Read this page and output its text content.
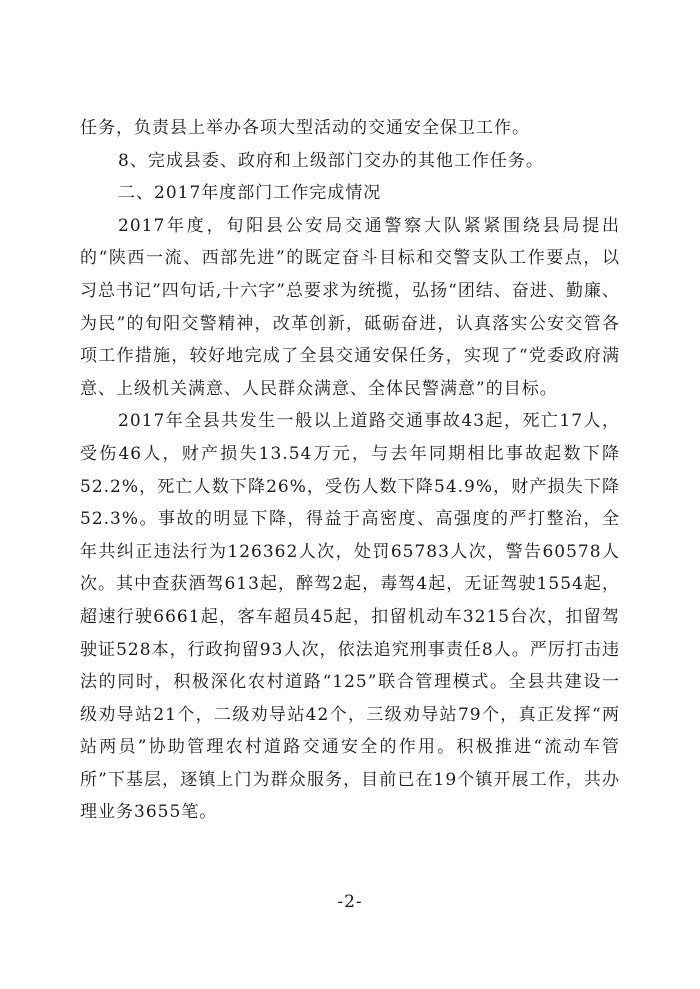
任务，负责县上举办各项大型活动的交通安全保卫工作。

8、完成县委、政府和上级部门交办的其他工作任务。

二、2017年度部门工作完成情况

2017年度，旬阳县公安局交通警察大队紧紧围绕县局提出的“陕西一流、西部先进”的既定奋斗目标和交警支队工作要点，以习总书记”四句话,十六字”总要求为统揽，弘扬“团结、奋进、勤廉、为民”的旬阳交警精神，改革创新，砥砺奋进，认真落实公安交管各项工作措施，较好地完成了全县交通安保任务，实现了“党委政府满意、上级机关满意、人民群众满意、全体民警满意”的目标。

2017年全县共发生一般以上道路交通事故43起，死亡17人，受伤46人，财产损失13.54万元，与去年同期相比事故起数下降52.2%，死亡人数下降26%，受伤人数下降54.9%，财产损失下降52.3%。事故的明显下降，得益于高密度、高强度的严打整治，全年共纠正违法行为126362人次，处罚65783人次，警告60578人次。其中查获酒驾613起，醉驾2起，毒驾4起，无证驾驶1554起，超速行驶6661起，客车超员45起，扣留机动车3215台次，扣留驾驶证528本，行政拘留93人次，依法追究刑事责任8人。严厉打击违法的同时，积极深化农村道路“125”联合管理模式。全县共建设一级劝导站21个，二级劝导站42个，三级劝导站79个，真正发挥“两站两员”协助管理农村道路交通安全的作用。积极推进“流动车管所”下基层，逐镇上门为群众服务，目前已在19个镇开展工作，共办理业务3655笔。

-2-
